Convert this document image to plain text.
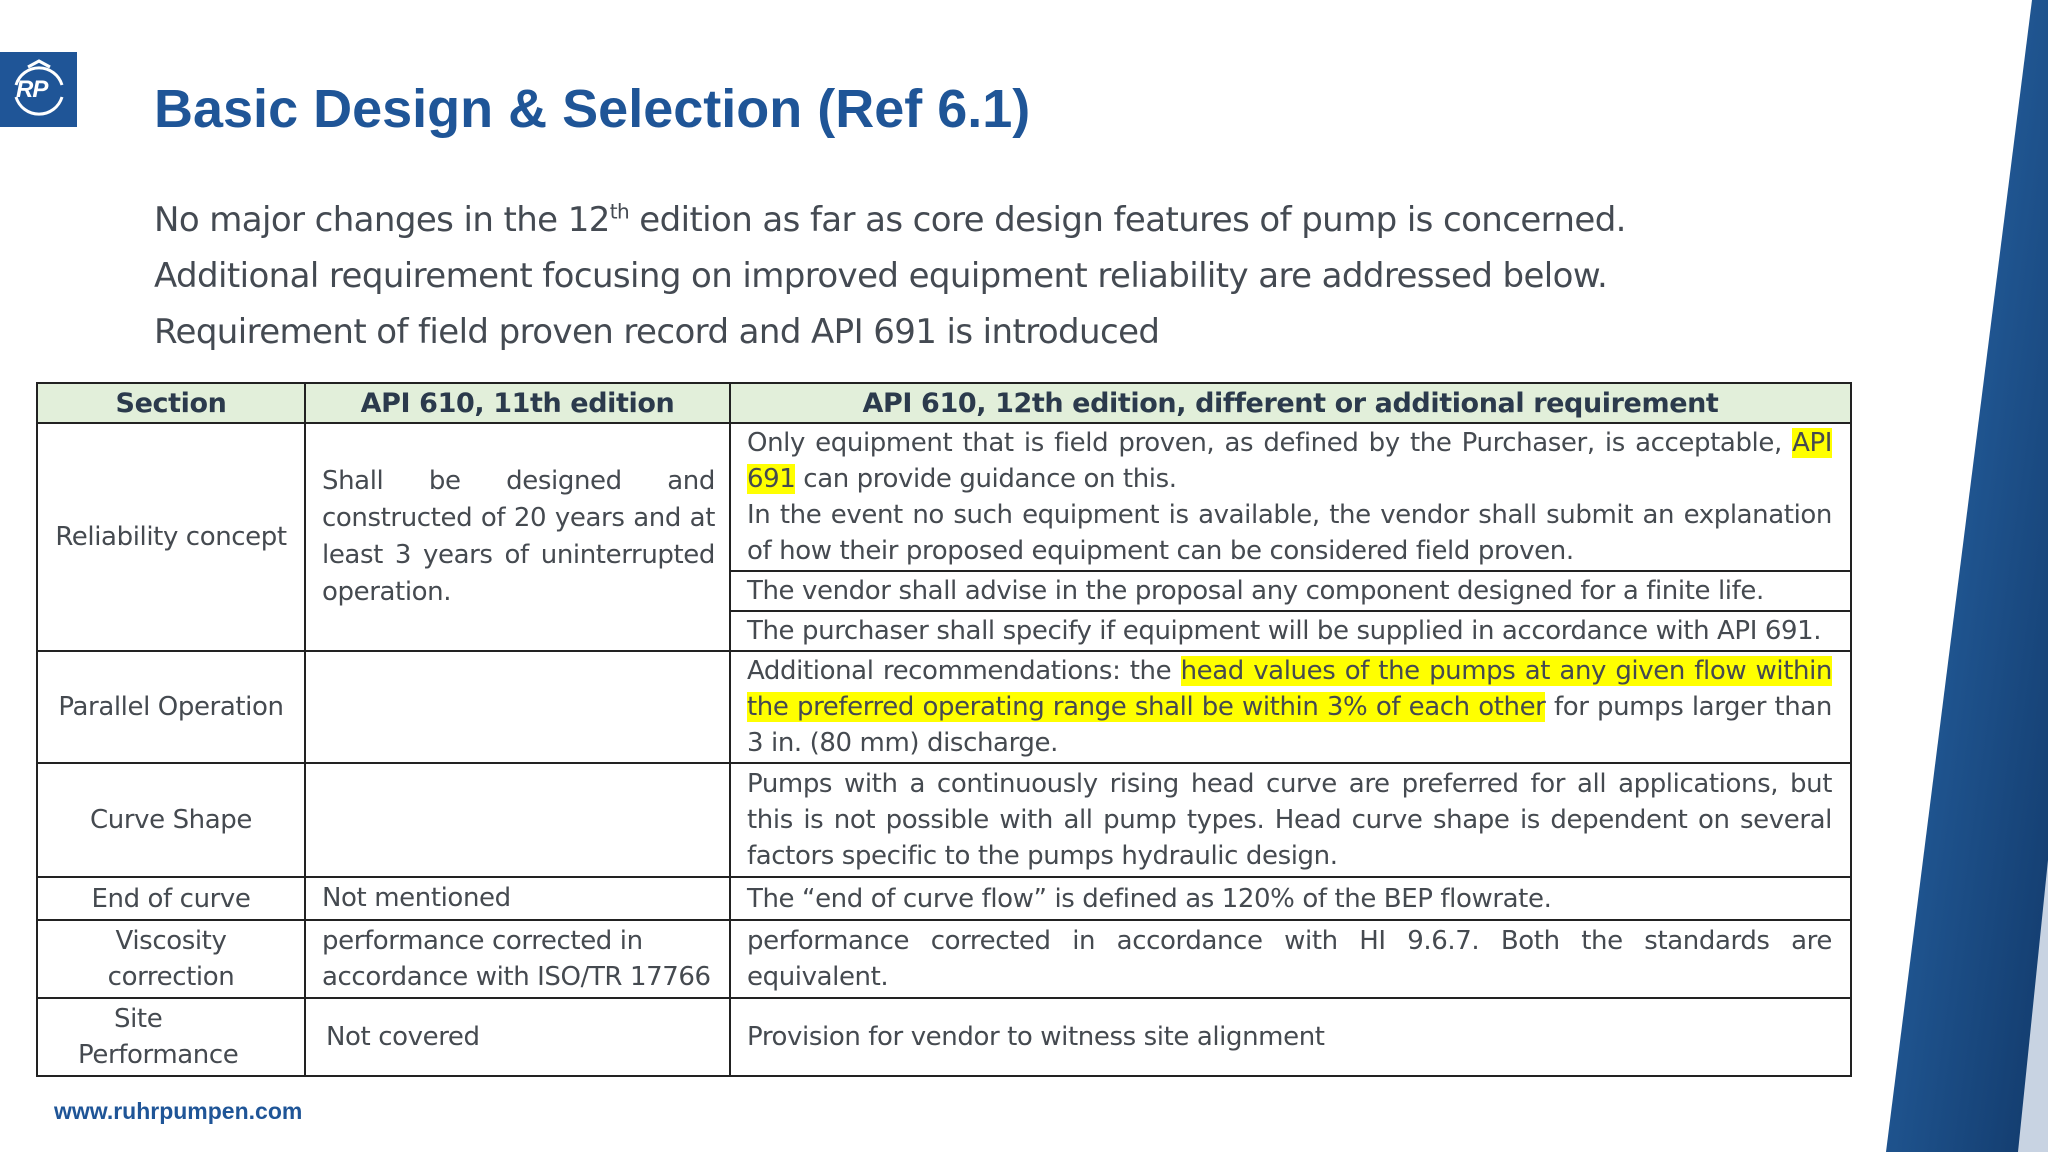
RP Basic Design & Selection (Ref 6.1)

No major changes in the 12th edition as far as core design features of pump is concerned. Additional requirement focusing on improved equipment reliability are addressed below. Requirement of field proven record and API 691 is introduced

Section	API 610, 11th edition	API 610, 12th edition, different or additional requirement
Reliability concept	Shall be designed and constructed of 20 years and at least 3 years of uninterrupted operation.	Only equipment that is field proven, as defined by the Purchaser, is acceptable, API 691 can provide guidance on this.
In the event no such equipment is available, the vendor shall submit an explanation of how their proposed equipment can be considered field proven.
		The vendor shall advise in the proposal any component designed for a finite life.
		The purchaser shall specify if equipment will be supplied in accordance with API 691.
Parallel Operation		Additional recommendations: the head values of the pumps at any given flow within the preferred operating range shall be within 3% of each other for pumps larger than 3 in. (80 mm) discharge.
Curve Shape		Pumps with a continuously rising head curve are preferred for all applications, but this is not possible with all pump types. Head curve shape is dependent on several factors specific to the pumps hydraulic design.
End of curve	Not mentioned	The “end of curve flow” is defined as 120% of the BEP flowrate.
Viscosity
correction	performance corrected in accordance with ISO/TR 17766	performance corrected in accordance with HI 9.6.7. Both the standards are equivalent.
Site
Performance	Not covered	Provision for vendor to witness site alignment
www.ruhrpumpen.com
